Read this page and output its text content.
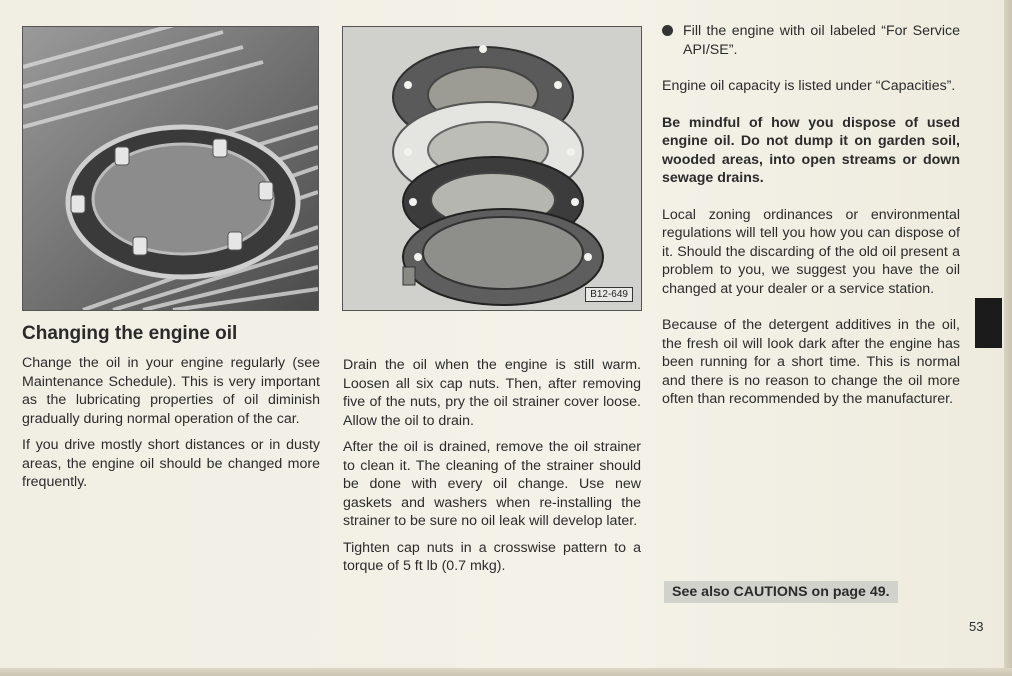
B12-649
Changing the engine oil

Change the oil in your engine regularly (see Maintenance Schedule). This is very important as the lubricating properties of oil diminish gradually during normal operation of the car.

If you drive mostly short distances or in dusty areas, the engine oil should be changed more frequently.

Drain the oil when the engine is still warm. Loosen all six cap nuts. Then, after removing five of the nuts, pry the oil strainer cover loose. Allow the oil to drain.

After the oil is drained, remove the oil strainer to clean it. The cleaning of the strainer should be done with every oil change. Use new gaskets and washers when re-installing the strainer to be sure no oil leak will develop later.

Tighten cap nuts in a crosswise pattern to a torque of 5 ft lb (0.7 mkg).

Fill the engine with oil labeled “For Service API/SE”.

Engine oil capacity is listed under “Capacities”.

Be mindful of how you dispose of used engine oil. Do not dump it on garden soil, wooded areas, into open streams or down sewage drains.

Local zoning ordinances or environmental regulations will tell you how you can dispose of it. Should the discarding of the old oil present a problem to you, we suggest you have the oil changed at your dealer or a service station.

Because of the detergent additives in the oil, the fresh oil will look dark after the engine has been running for a short time. This is normal and there is no reason to change the oil more often than recommended by the manufacturer.

See also CAUTIONS on page 49.
53
